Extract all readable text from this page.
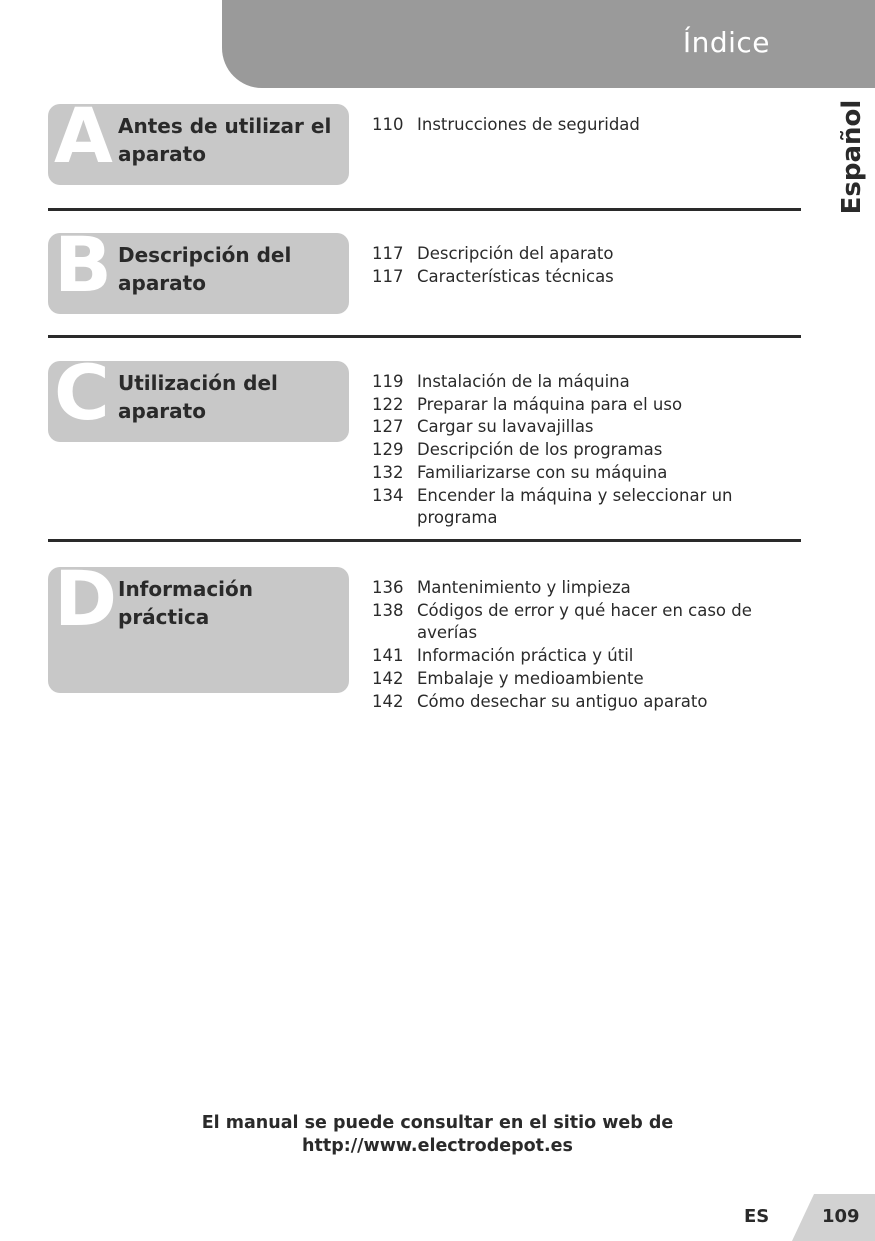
Índice
Español
A Antes de utilizar el
aparato
110 Instrucciones de seguridad
B Descripción del
aparato
117 Descripción del aparato
117 Características técnicas
C Utilización del
aparato
119 Instalación de la máquina
122 Preparar la máquina para el uso
127 Cargar su lavavajillas
129 Descripción de los programas
132 Familiarizarse con su máquina
134 Encender la máquina y seleccionar un
programa
D Información práctica
136 Mantenimiento y limpieza
138 Códigos de error y qué hacer en caso de
averías
141 Información práctica y útil
142 Embalaje y medioambiente
142 Cómo desechar su antiguo aparato
El manual se puede consultar en el sitio web de
http://www.electrodepot.es
ES	109
